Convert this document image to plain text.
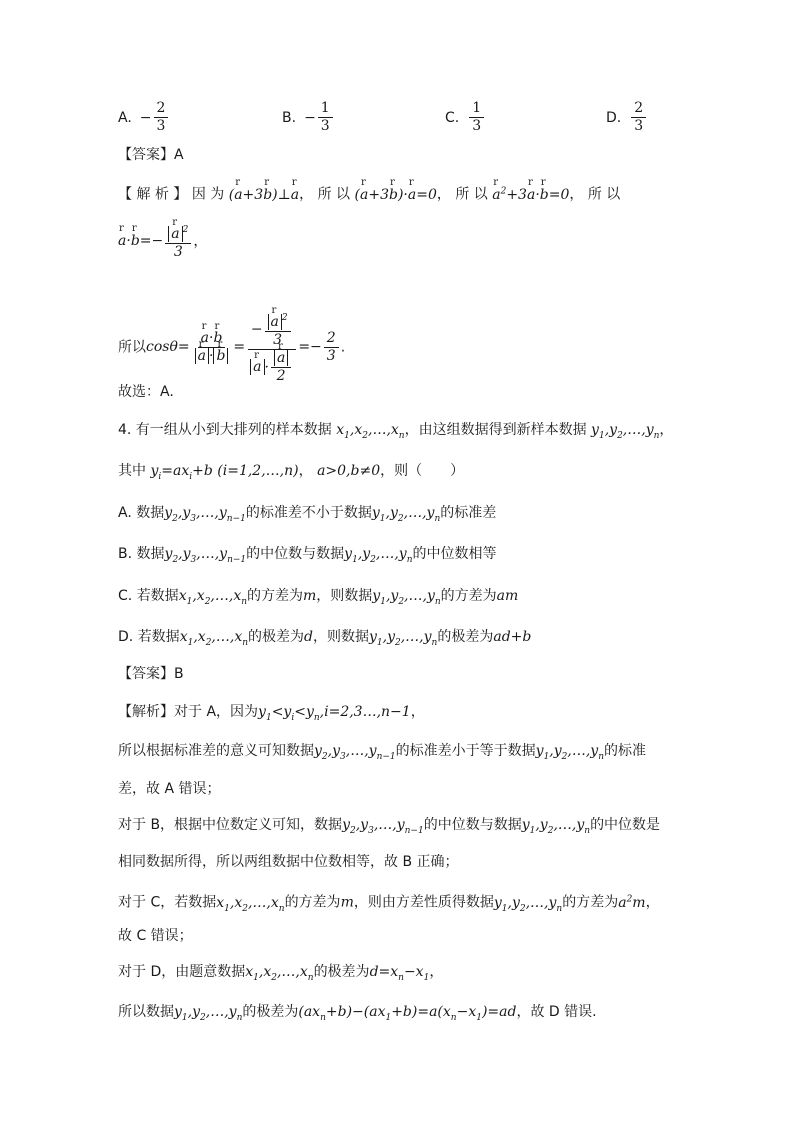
A. − $\frac{2}{3}$	B. − $\frac{1}{3}$	C. $\frac{1}{3}$	D. $\frac{2}{3}$
【答案】A
【 解 析 】 因 为 (r a+3r b)⊥r a， 所 以 (r a+3r b)·r a=0， 所 以 r $a^2+3r$ a·r b=0， 所 以
r a·r b=− r $\frac{a ^2}{3}$ ，
所以cosθ= r a·r b
r a · r b = − r $\frac{a ^2}{3}$
r a · r $\frac{a}{2} =- \frac{2}{3}$ .
故选：A.
4. 有一组从小到大排列的样本数据 $x_1,x_2,\dots,x_n$，由这组数据得到新样本数据 $y_1,y_2,\dots,y_n$，
其中 $y_i=ax_i+b$ (i=1,2,…,n)， a>0,b≠0，则（　　）
A. 数据$y_2,y_3,\dots,y_{n-1}$的标准差不小于数据$y_1,y_2,\dots,y_n$的标准差
B. 数据$y_2,y_3,\dots,y_{n-1}$的中位数与数据$y_1,y_2,\dots,y_n$的中位数相等
C. 若数据$x_1,x_2,\dots,x_n$的方差为m，则数据$y_1,y_2,\dots,y_n$的方差为am
D. 若数据$x_1,x_2,\dots,x_n$的极差为d，则数据$y_1,y_2,\dots,y_n$的极差为ad+b
【答案】B
【解析】对于 A，因为$y_1<y_i<y_n,i=2,3\dots,n-1$，
所以根据标准差的意义可知数据$y_2,y_3,\dots,y_{n-1}$的标准差小于等于数据$y_1,y_2,\dots,y_n$的标准
差，故 A 错误；
对于 B，根据中位数定义可知，数据$y_2,y_3,\dots,y_{n-1}$的中位数与数据$y_1,y_2,\dots,y_n$的中位数是
相同数据所得，所以两组数据中位数相等，故 B 正确；
对于 C，若数据$x_1,x_2,\dots,x_n$的方差为m，则由方差性质得数据$y_1,y_2,\dots,y_n$的方差为$a^2m$，
故 C 错误；
对于 D，由题意数据$x_1,x_2,\dots,x_n$的极差为$d=x_n-x_1$，
所以数据$y_1,y_2,\dots,y_n$的极差为$(ax_n+b)-(ax_1+b)=a(x_n-x_1)=ad$，故 D 错误.
